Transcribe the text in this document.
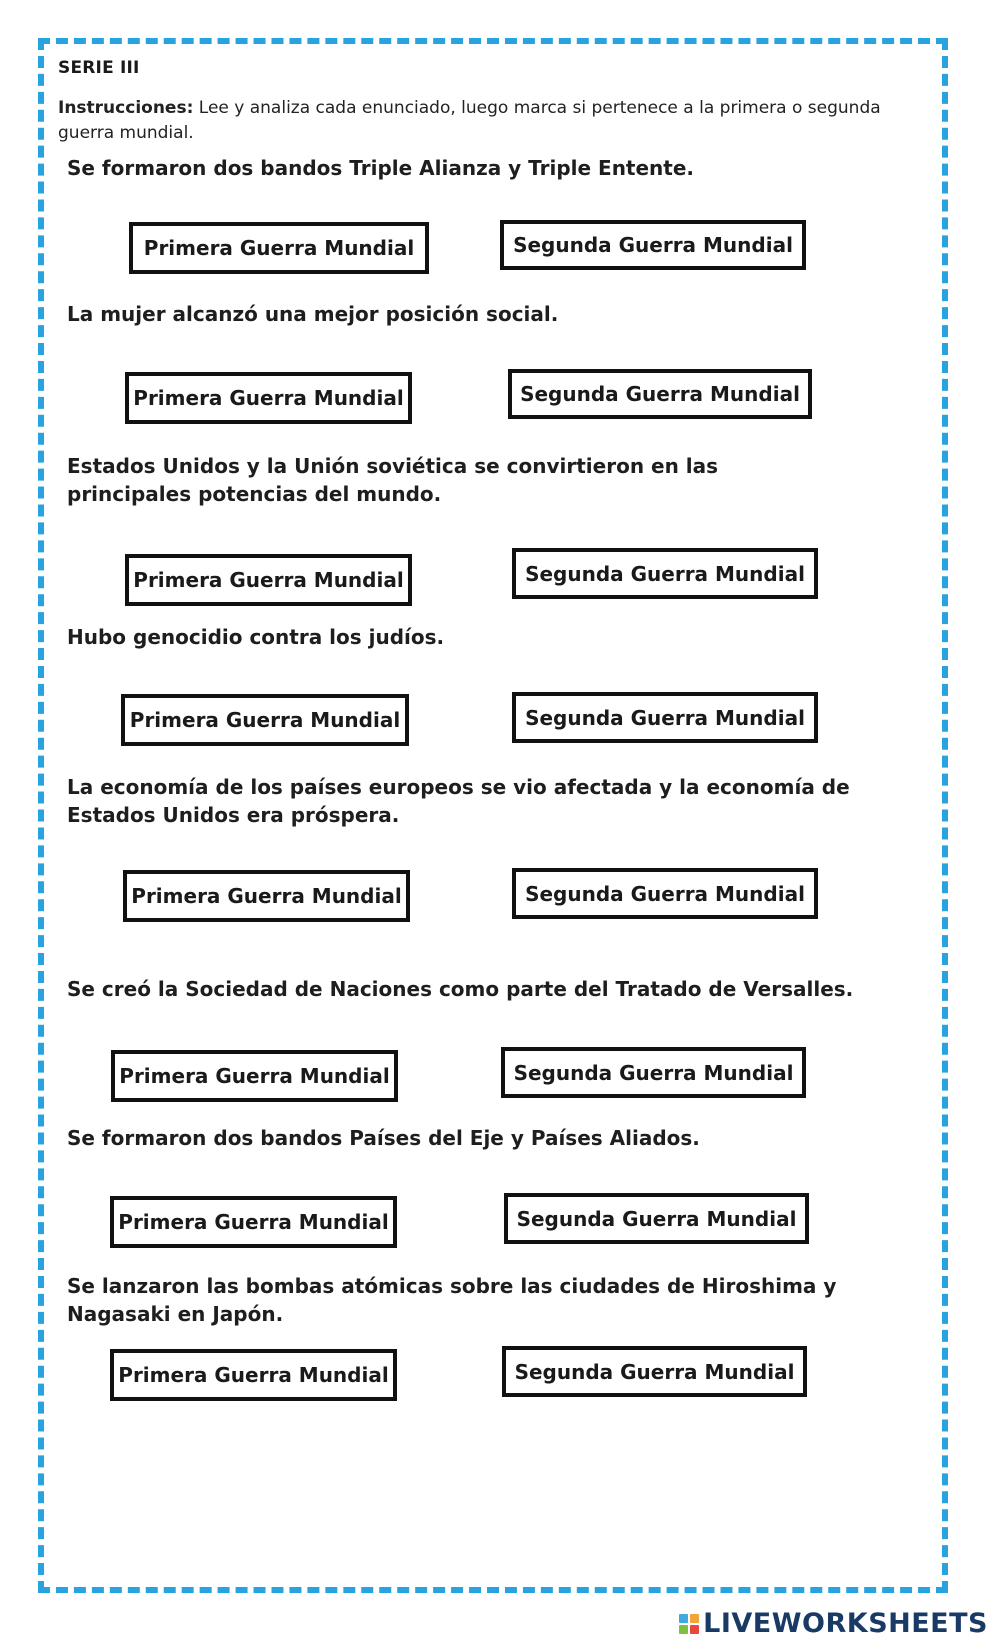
SERIE III
Instrucciones: Lee y analiza cada enunciado, luego marca si pertenece a la primera o segunda guerra mundial.
Se formaron dos bandos Triple Alianza y Triple Entente.
Primera Guerra Mundial	Segunda Guerra Mundial
La mujer alcanzó una mejor posición social.
Primera Guerra Mundial	Segunda Guerra Mundial
Estados Unidos y la Unión soviética se convirtieron en las principales potencias del mundo.
Primera Guerra Mundial	Segunda Guerra Mundial
Hubo genocidio contra los judíos.
Primera Guerra Mundial	Segunda Guerra Mundial
La economía de los países europeos se vio afectada y la economía de Estados Unidos era próspera.
Primera Guerra Mundial	Segunda Guerra Mundial
Se creó la Sociedad de Naciones como parte del Tratado de Versalles.
Primera Guerra Mundial	Segunda Guerra Mundial
Se formaron dos bandos Países del Eje y Países Aliados.
Primera Guerra Mundial	Segunda Guerra Mundial
Se lanzaron las bombas atómicas sobre las ciudades de Hiroshima y Nagasaki en Japón.
Primera Guerra Mundial	Segunda Guerra Mundial
LIVEWORKSHEETS
